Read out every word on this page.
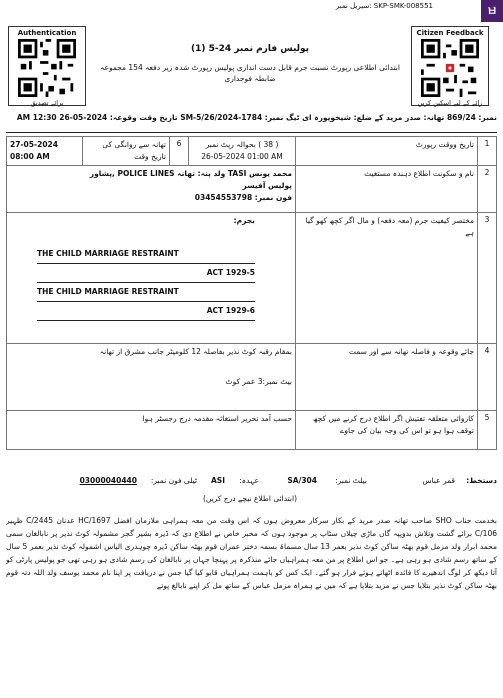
SKP-SMK-008551 :سیریل نمبر	ㅂ
Authentication
برائے تصدیق
Citizen Feedback
رائے کے لیے اسکین کریں
پولیس فارم نمبر 24-5 (1)
ابتدائی اطلاعی رپورٹ نسبت جرم قابل دست اندازی پولیس رپورٹ شدہ زیر دفعہ 154 مجموعہ ضابطہ فوجداری
نمبر: 869/24 تھانہ: صدر مرید کے ضلع: شیخوپورہ ای ٹیگ نمبر: SM-5/26/2024-1784 تاریخ وقت وقوعہ: 2024-05-26 12:30 AM
1	تاریخ ووقت رپورٹ	( 38 ) بحوالہ رپٹ نمبر
26-05-2024 01:00 AM	6	تھانہ سے روانگی کی تاریخ وقت	27-05-2024 08:00 AM
2	نام و سکونت اطلاع دہندہ مستغیث	محمد یونس TASI ولد پتہ: تھانہ POLICE LINES ,پشاور
پولیس آفیسر
فون نمبر: 03454553798			

3	مختصر کیفیت جرم (معہ دفعہ) و مال اگر کچھ کھو گیا ہے	بجرم:
THE CHILD MARRIAGE RESTRAINT
ACT 1929-5
THE CHILD MARRIAGE RESTRAINT
ACT 1929-6			

4	جائے وقوعہ و فاصلہ تھانہ سے اور سمت	بمقام رقبہ کوٹ نذیر بفاصلہ 12 کلومیٹر جانب مشرق از تھانہ
بیٹ نمبر:3 عمر کوٹ			

5	کاروائی متعلقہ تفتیش اگر اطلاع درج کرنے میں کچھ توقف ہوا ہو تو اس کی وجہ بیان کی جاوے	حسب آمد تحریر استغاثہ مقدمہ درج رجسٹر ہوا			
دستخط:
قمر عباس
بیلٹ نمبر:
SA/304
عہدہ:
ASI
ٹیلی فون نمبر:
03000040440
(ابتدائی اطلاع نیچے درج کریں)
بخدمت جناب SHO صاحب تھانہ صدر مرید کے بکار سرکار معروض ہوں کہ اس وقت من معہ ہمراہی ملازمان افضل HC/1697 عدنان 2445/C ظہیر C/106 برائے گشت وتلاش بدوپیہ گاں ماڑی چیلاں سٹاپ پر موجود ہوں کہ مخبر خاص نے اطلاع دی کہ ڈیرہ بشیر گجر مشمولہ کوٹ نذیر پر نابالغان سمی محمد ابرار ولد مزمل قوم بھٹہ ساکن کوٹ نذیر بعمر 13 سال مسماۃ بسمہ دختر عمران قوم بھٹہ ساکن ڈیرہ چوہدری الیاس اشمولہ کوٹ نذیر بعمر 5 سال کے ساتھ رسم شادی ہو رہی ہے۔ جو اس اطلاع پر من معہ ہمراہیاں جائے منذکرہ پر پہنچا جہاں پر نابالغان کی رسم شادی ہو رہی تھی جو پولیس پارٹی کو آتا دیکھ کر لوگ اندھیرے کا فائدہ اٹھاتے ہوئے فرار ہو گئے۔ ایک کس کو باہمت ہمراہیاں قابو کیا گیا جس نے دریافت پر اپنا نام محمد یوسف ولد اللہ دتہ قوم بھٹہ ساکن کوٹ نذیر بتلایا جس نے مزید بتلایا ہے کہ میں نے ہمراہ مزمل عباس کے ساتھ مل کر اپنے نابالغ پوتے
